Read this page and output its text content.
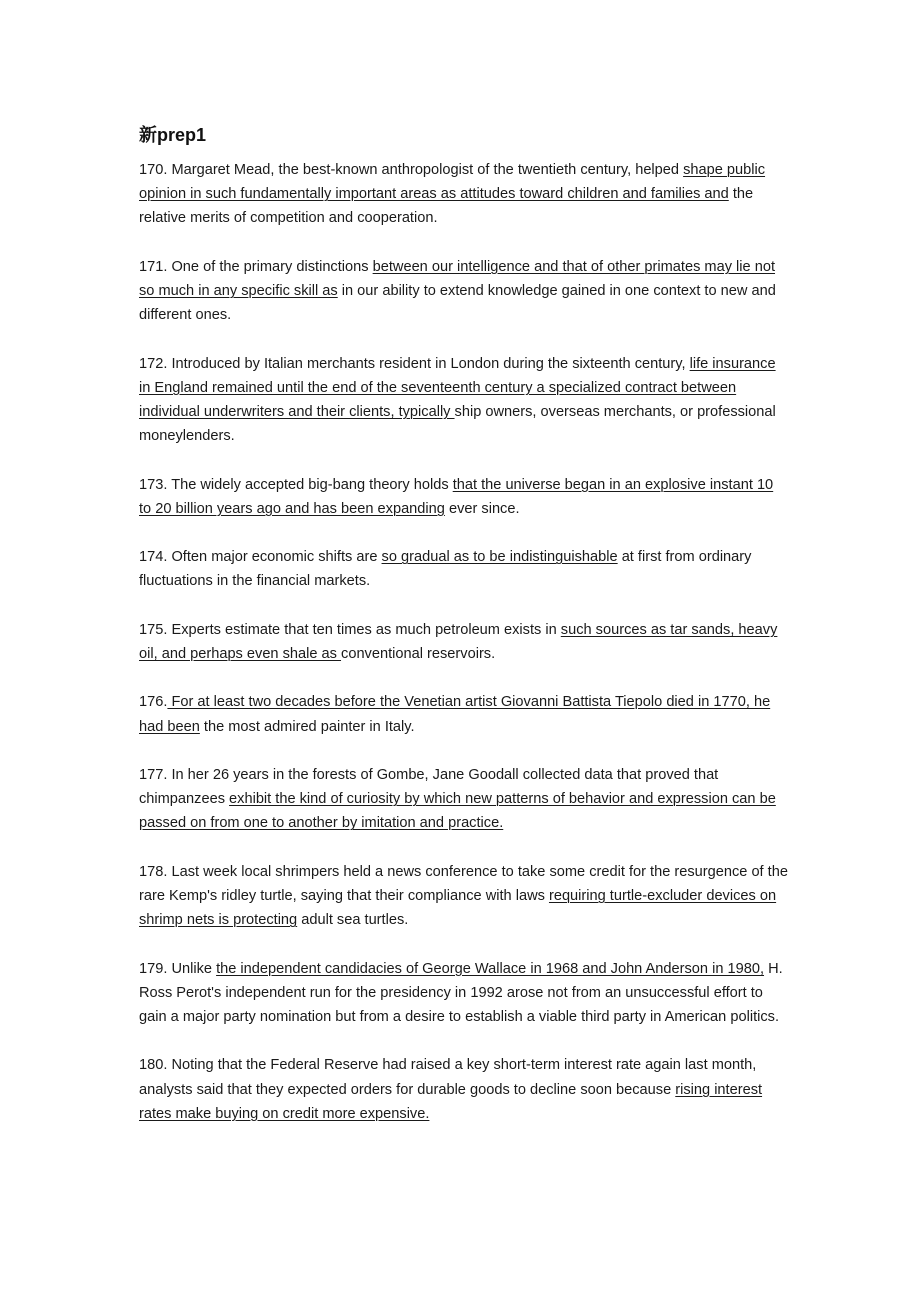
新prep1

170. Margaret Mead, the best-known anthropologist of the twentieth century, helped shape public opinion in such fundamentally important areas as attitudes toward children and families and the relative merits of competition and cooperation.

171. One of the primary distinctions between our intelligence and that of other primates may lie not so much in any specific skill as in our ability to extend knowledge gained in one context to new and different ones.

172. Introduced by Italian merchants resident in London during the sixteenth century, life insurance in England remained until the end of the seventeenth century a specialized contract between individual underwriters and their clients, typically ship owners, overseas merchants, or professional moneylenders.

173. The widely accepted big-bang theory holds that the universe began in an explosive instant 10 to 20 billion years ago and has been expanding ever since.

174. Often major economic shifts are so gradual as to be indistinguishable at first from ordinary fluctuations in the financial markets.

175. Experts estimate that ten times as much petroleum exists in such sources as tar sands, heavy oil, and perhaps even shale as conventional reservoirs.

176. For at least two decades before the Venetian artist Giovanni Battista Tiepolo died in 1770, he had been the most admired painter in Italy.

177. In her 26 years in the forests of Gombe, Jane Goodall collected data that proved that chimpanzees exhibit the kind of curiosity by which new patterns of behavior and expression can be passed on from one to another by imitation and practice.

178. Last week local shrimpers held a news conference to take some credit for the resurgence of the rare Kemp's ridley turtle, saying that their compliance with laws requiring turtle-excluder devices on shrimp nets is protecting adult sea turtles.

179. Unlike the independent candidacies of George Wallace in 1968 and John Anderson in 1980, H. Ross Perot's independent run for the presidency in 1992 arose not from an unsuccessful effort to gain a major party nomination but from a desire to establish a viable third party in American politics.

180. Noting that the Federal Reserve had raised a key short-term interest rate again last month, analysts said that they expected orders for durable goods to decline soon because rising interest rates make buying on credit more expensive.
